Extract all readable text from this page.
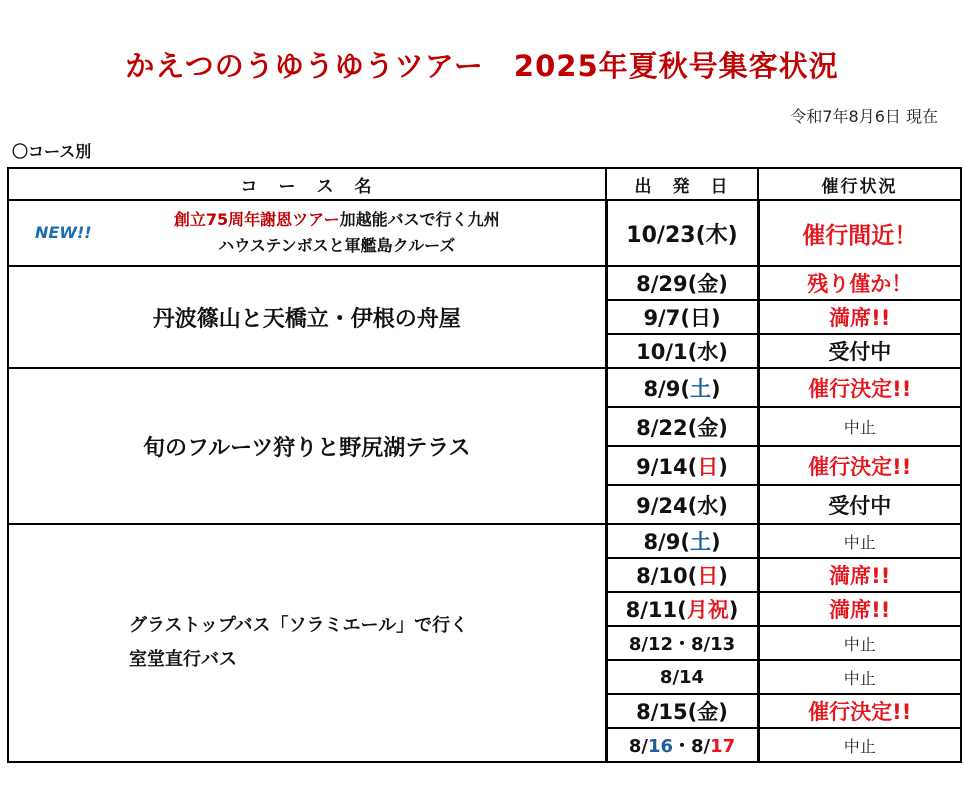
かえつのうゆうゆうツアー　2025年夏秋号集客状況
令和7年8月6日 現在
〇コース別
コ　ー　ス　名	出　発　日	催行状況

NEW!!
創立75周年謝恩ツアー加越能バスで行く九州
ハウステンボスと軍艦島クルーズ	10/23(木)	催行間近！
丹波篠山と天橋立・伊根の舟屋	8/29(金)	残り僅か！
	9/7(日)	満席!!
	10/1(水)	受付中
旬のフルーツ狩りと野尻湖テラス	8/9(土)	催行決定!!
	8/22(金)	中止
	9/14(日)	催行決定!!
	9/24(水)	受付中

グラストップバス「ソラミエール」で行く
室堂直行バス	8/9(土)	中止
	8/10(日)	満席!!
	8/11(月祝)	満席!!
	8/12・8/13	中止
	8/14	中止
	8/15(金)	催行決定!!
	8/16・8/17	中止
